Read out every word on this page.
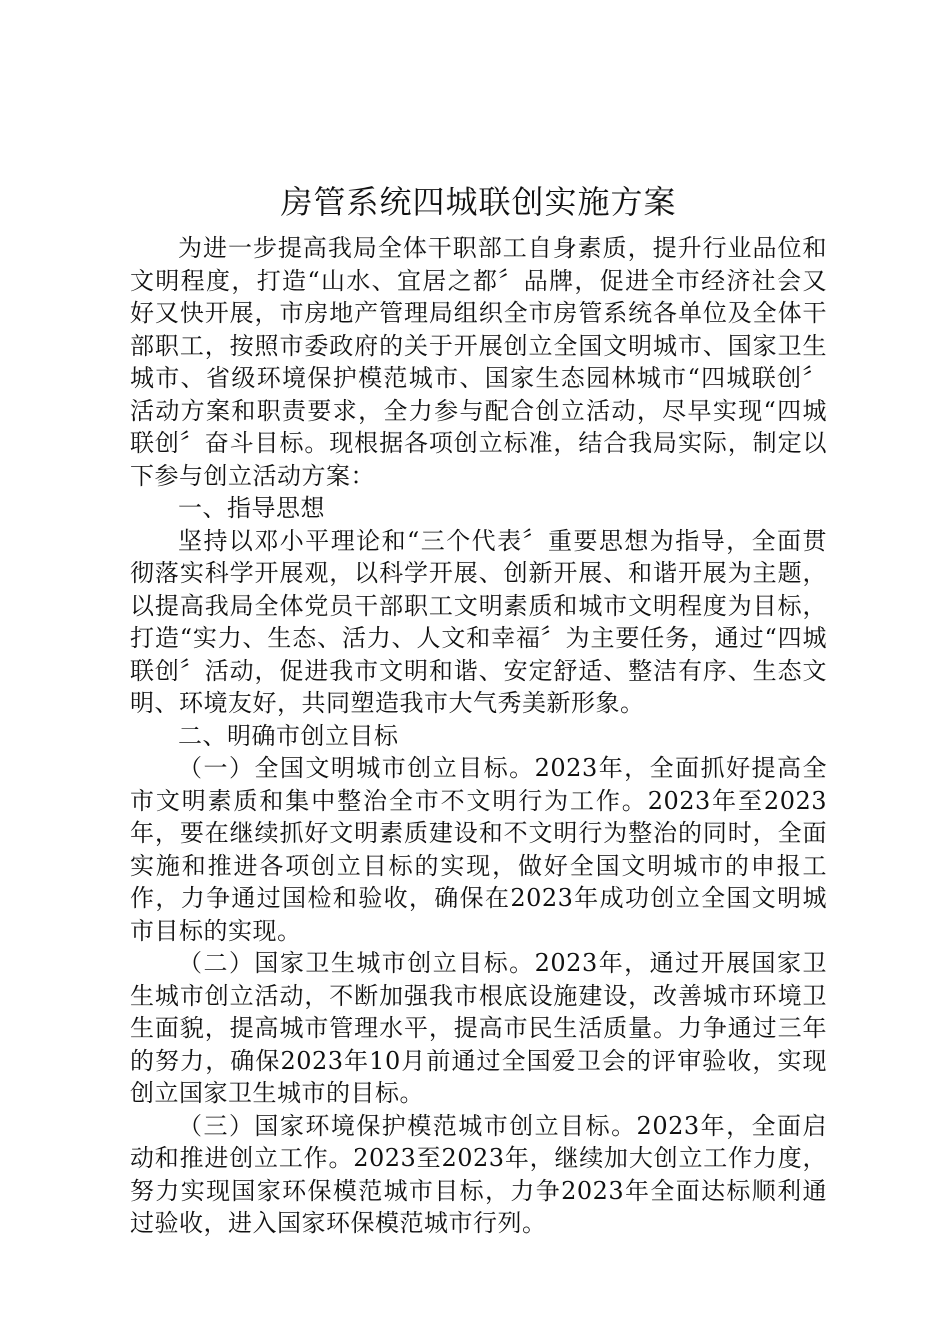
房管系统四城联创实施方案

为进一步提高我局全体干职部工自身素质，提升行业品位和文明程度，打造“山水、宜居之都〞品牌，促进全市经济社会又好又快开展，市房地产管理局组织全市房管系统各单位及全体干部职工，按照市委政府的关于开展创立全国文明城市、国家卫生城市、省级环境保护模范城市、国家生态园林城市“四城联创〞活动方案和职责要求，全力参与配合创立活动，尽早实现“四城联创〞奋斗目标。现根据各项创立标准，结合我局实际，制定以下参与创立活动方案：

一、指导思想

坚持以邓小平理论和“三个代表〞重要思想为指导，全面贯彻落实科学开展观，以科学开展、创新开展、和谐开展为主题，以提高我局全体党员干部职工文明素质和城市文明程度为目标，打造“实力、生态、活力、人文和幸福〞为主要任务，通过“四城联创〞活动，促进我市文明和谐、安定舒适、整洁有序、生态文明、环境友好，共同塑造我市大气秀美新形象。

二、明确市创立目标

（一）全国文明城市创立目标。2023年，全面抓好提高全市文明素质和集中整治全市不文明行为工作。2023年至2023年，要在继续抓好文明素质建设和不文明行为整治的同时，全面实施和推进各项创立目标的实现，做好全国文明城市的申报工作，力争通过国检和验收，确保在2023年成功创立全国文明城市目标的实现。

（二）国家卫生城市创立目标。2023年，通过开展国家卫生城市创立活动，不断加强我市根底设施建设，改善城市环境卫生面貌，提高城市管理水平，提高市民生活质量。力争通过三年的努力，确保2023年10月前通过全国爱卫会的评审验收，实现创立国家卫生城市的目标。

（三）国家环境保护模范城市创立目标。2023年，全面启动和推进创立工作。2023至2023年，继续加大创立工作力度，努力实现国家环保模范城市目标，力争2023年全面达标顺利通过验收，进入国家环保模范城市行列。
